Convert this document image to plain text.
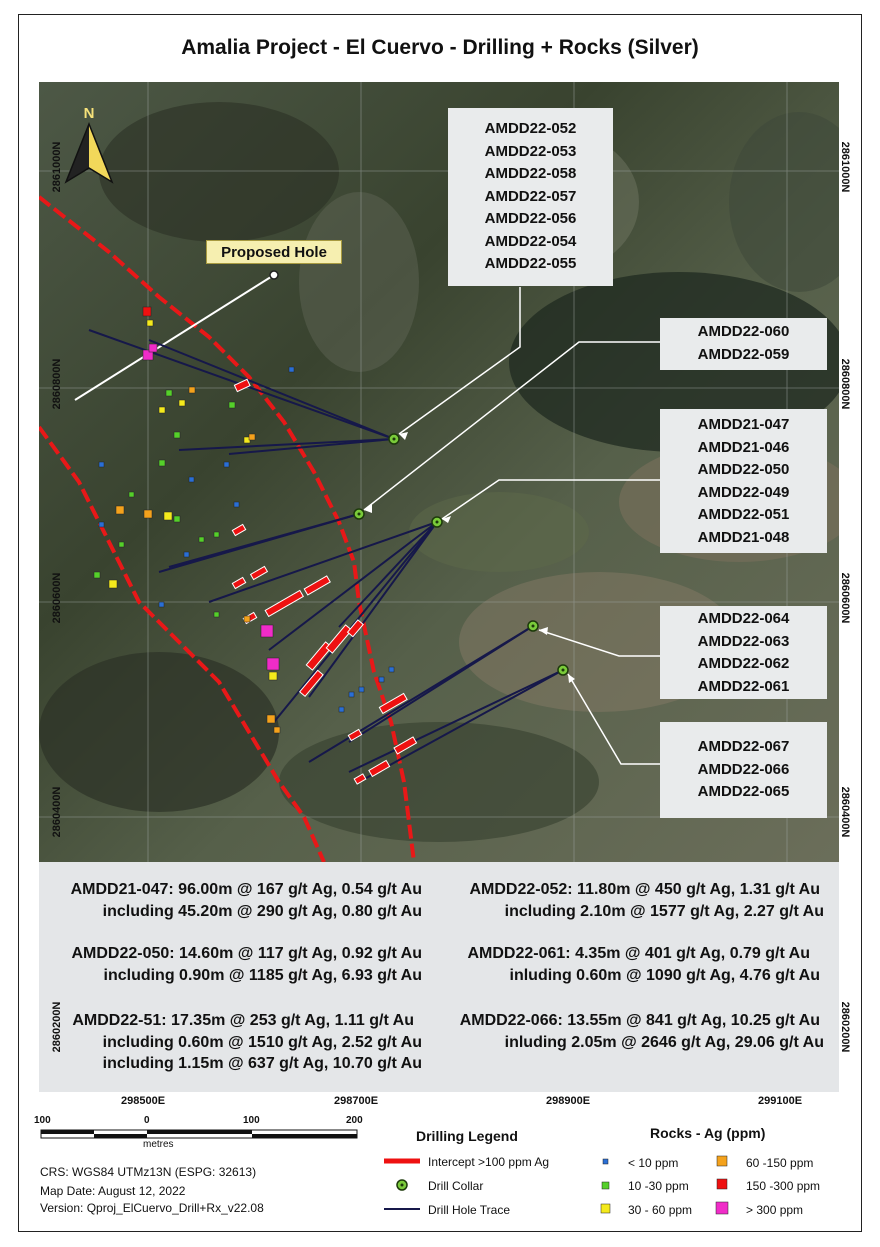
Amalia Project - El Cuervo - Drilling + Rocks (Silver)
N
Proposed Hole
AMDD22-052
AMDD22-053
AMDD22-058
AMDD22-057
AMDD22-056
AMDD22-054
AMDD22-055
AMDD22-060
AMDD22-059
AMDD21-047
AMDD21-046
AMDD22-050
AMDD22-049
AMDD22-051
AMDD21-048
AMDD22-064
AMDD22-063
AMDD22-062
AMDD22-061
AMDD22-067
AMDD22-066
AMDD22-065
AMDD21-047: 96.00m @ 167 g/t Ag, 0.54 g/t Au
including 45.20m @ 290 g/t Ag, 0.80 g/t Au
AMDD22-050: 14.60m @ 117 g/t Ag, 0.92 g/t Au
including 0.90m @ 1185 g/t Ag, 6.93 g/t Au
AMDD22-51: 17.35m @ 253 g/t Ag, 1.11 g/t Au
including 0.60m @ 1510 g/t Ag, 2.52 g/t Au
including 1.15m @ 637 g/t Ag, 10.70 g/t Au
AMDD22-052: 11.80m @ 450 g/t Ag, 1.31 g/t Au
including 2.10m @ 1577 g/t Ag, 2.27 g/t Au
AMDD22-061: 4.35m @ 401 g/t Ag, 0.79 g/t Au
inluding 0.60m @ 1090 g/t Ag, 4.76 g/t Au
AMDD22-066: 13.55m @ 841 g/t Ag, 10.25 g/t Au
inluding 2.05m @ 2646 g/t Ag, 29.06 g/t Au
2861000N
2860800N
2860600N
2860400N
2860200N
2861000N
2860800N
2860600N
2860400N
2860200N
298500E	298700E	298900E	299100E
100	0	100	200
metres
CRS: WGS84 UTMz13N (ESPG: 32613)
Map Date: August 12, 2022
Version: Qproj_ElCuervo_Drill+Rx_v22.08
Drilling Legend
Intercept >100 ppm Ag
Drill Collar
Drill Hole Trace
Rocks - Ag (ppm)
< 10 ppm
10 -30 ppm
30 - 60 ppm
60 -150 ppm
150 -300 ppm
> 300 ppm
